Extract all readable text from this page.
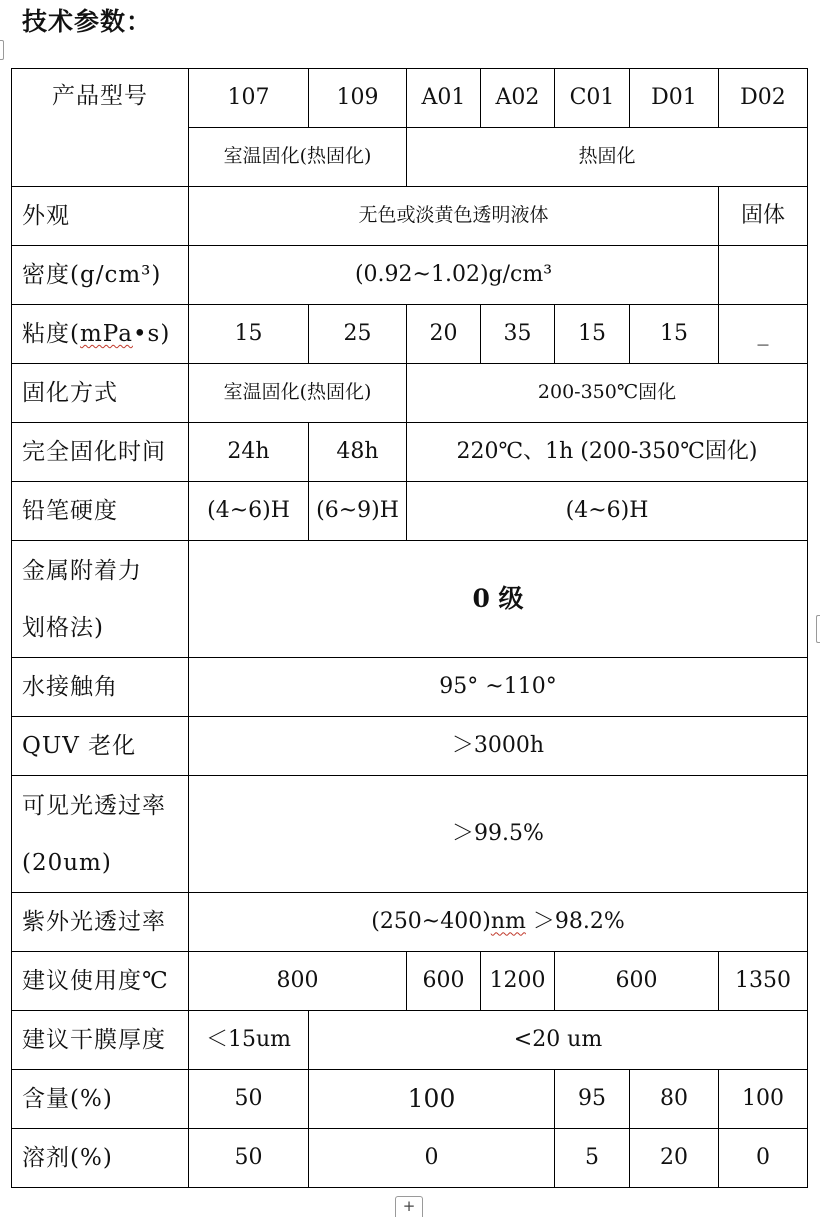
技术参数：
产品型号	107	109	A01	A02	C01	D01	D02
	室温固化(热固化)		热固化				
外观	无色或淡黄色透明液体						固体
密度(g/cm³)	(0.92~1.02)g/cm³						
粘度(mPa•s)	15	25	20	35	15	15	_
固化方式	室温固化(热固化)		200-350℃固化				
完全固化时间	24h	48h	220℃、1h (200-350℃固化)				
铅笔硬度	(4~6)H	(6~9)H	(4~6)H				

金属附着力
划格法)	0 级						
水接触角	95° ~110°						
QUV 老化	＞3000h						

可见光透过率
(20um)	＞99.5%						
紫外光透过率	(250~400)nm ＞98.2%						
建议使用度℃	800		600	1200	600		1350
建议干膜厚度	＜15um	<20 um					
含量(%)	50	100			95	80	100
溶剂(%)	50	0			5	20	0
+
